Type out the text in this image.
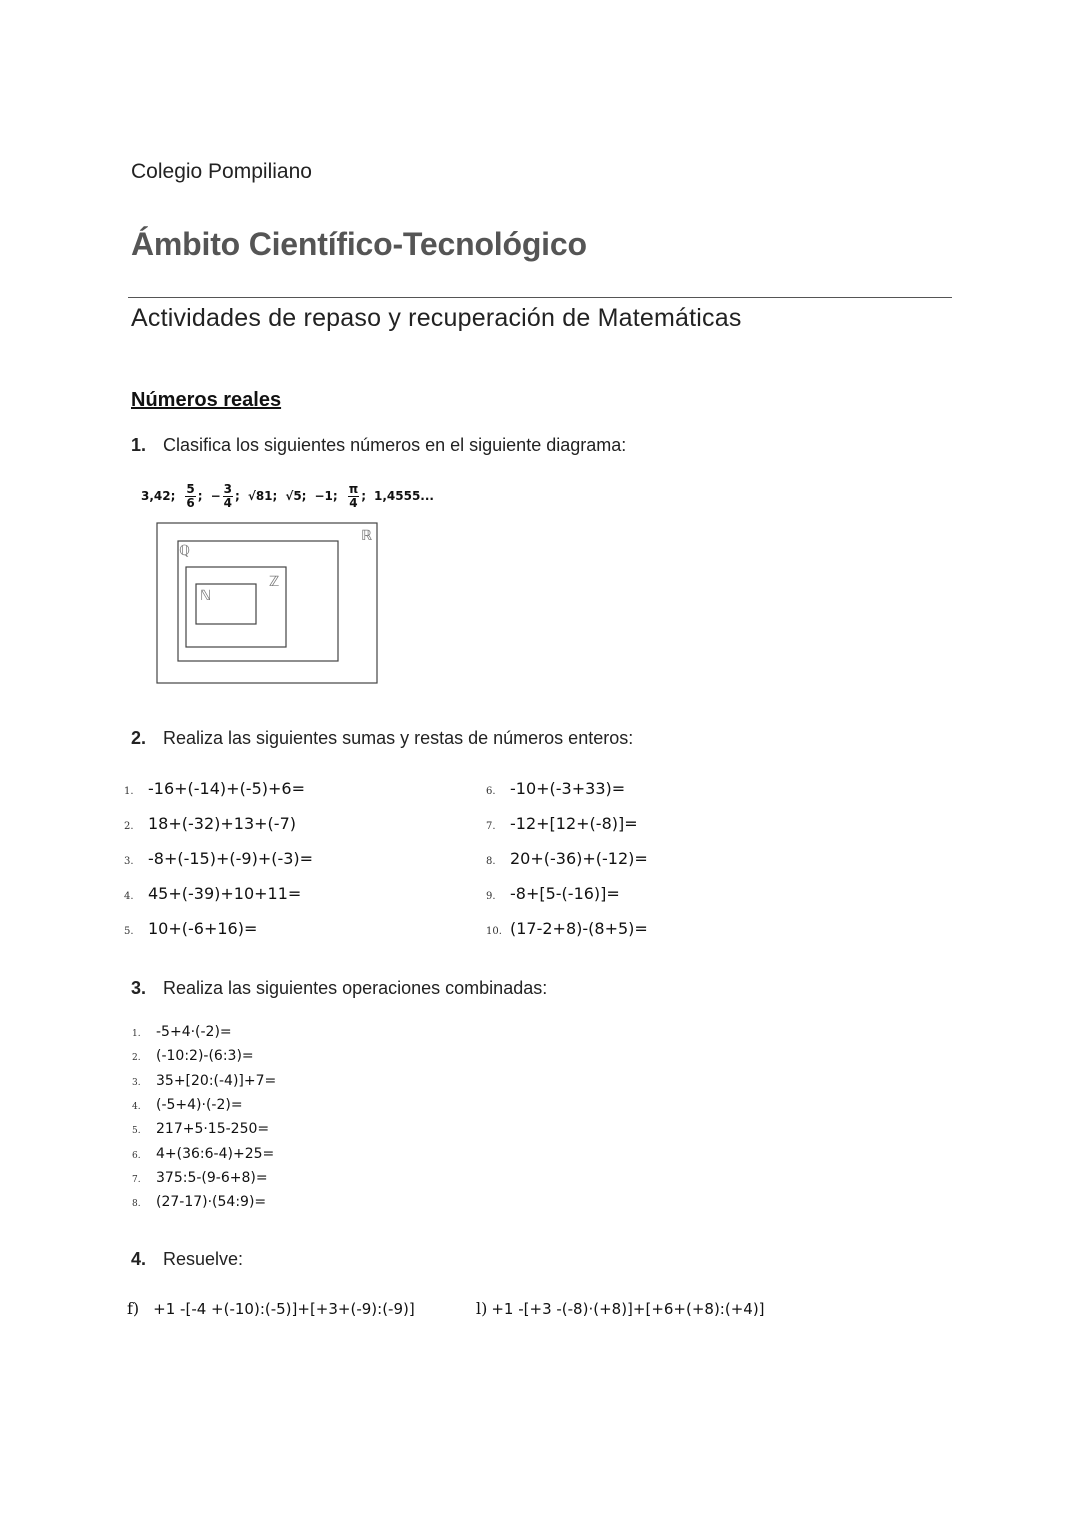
Colegio Pompiliano
Ámbito Científico-Tecnológico
Actividades de repaso y recuperación de Matemáticas
Números reales
1. Clasifica los siguientes números en el siguiente diagrama:
3,42; $\frac{5}{6}$ ; − $\frac{3}{4}$ ; √81; √5; −1; $\frac{\pi}{4}$ ; 1,4555...
ℝ
ℚ
ℤ
ℕ
2. Realiza las siguientes sumas y restas de números enteros:
1. -16+(-14)+(-5)+6=
2. 18+(-32)+13+(-7)
3. -8+(-15)+(-9)+(-3)=
4. 45+(-39)+10+11=
5. 10+(-6+16)=
6. -10+(-3+33)=
7. -12+[12+(-8)]=
8. 20+(-36)+(-12)=
9. -8+[5-(-16)]=
10. (17-2+8)-(8+5)=
3. Realiza las siguientes operaciones combinadas:
1.	-5+4·(-2)=
2.	(-10:2)-(6:3)=
3.	35+[20:(-4)]+7=
4.	(-5+4)·(-2)=
5.	217+5·15-250=
6.	4+(36:6-4)+25=
7.	375:5-(9-6+8)=
8.	(27-17)·(54:9)=
4. Resuelve:
f) +1 -[-4 +(-10):(-5)]+[+3+(-9):(-9)]	l) +1 -[+3 -(-8)·(+8)]+[+6+(+8):(+4)]
